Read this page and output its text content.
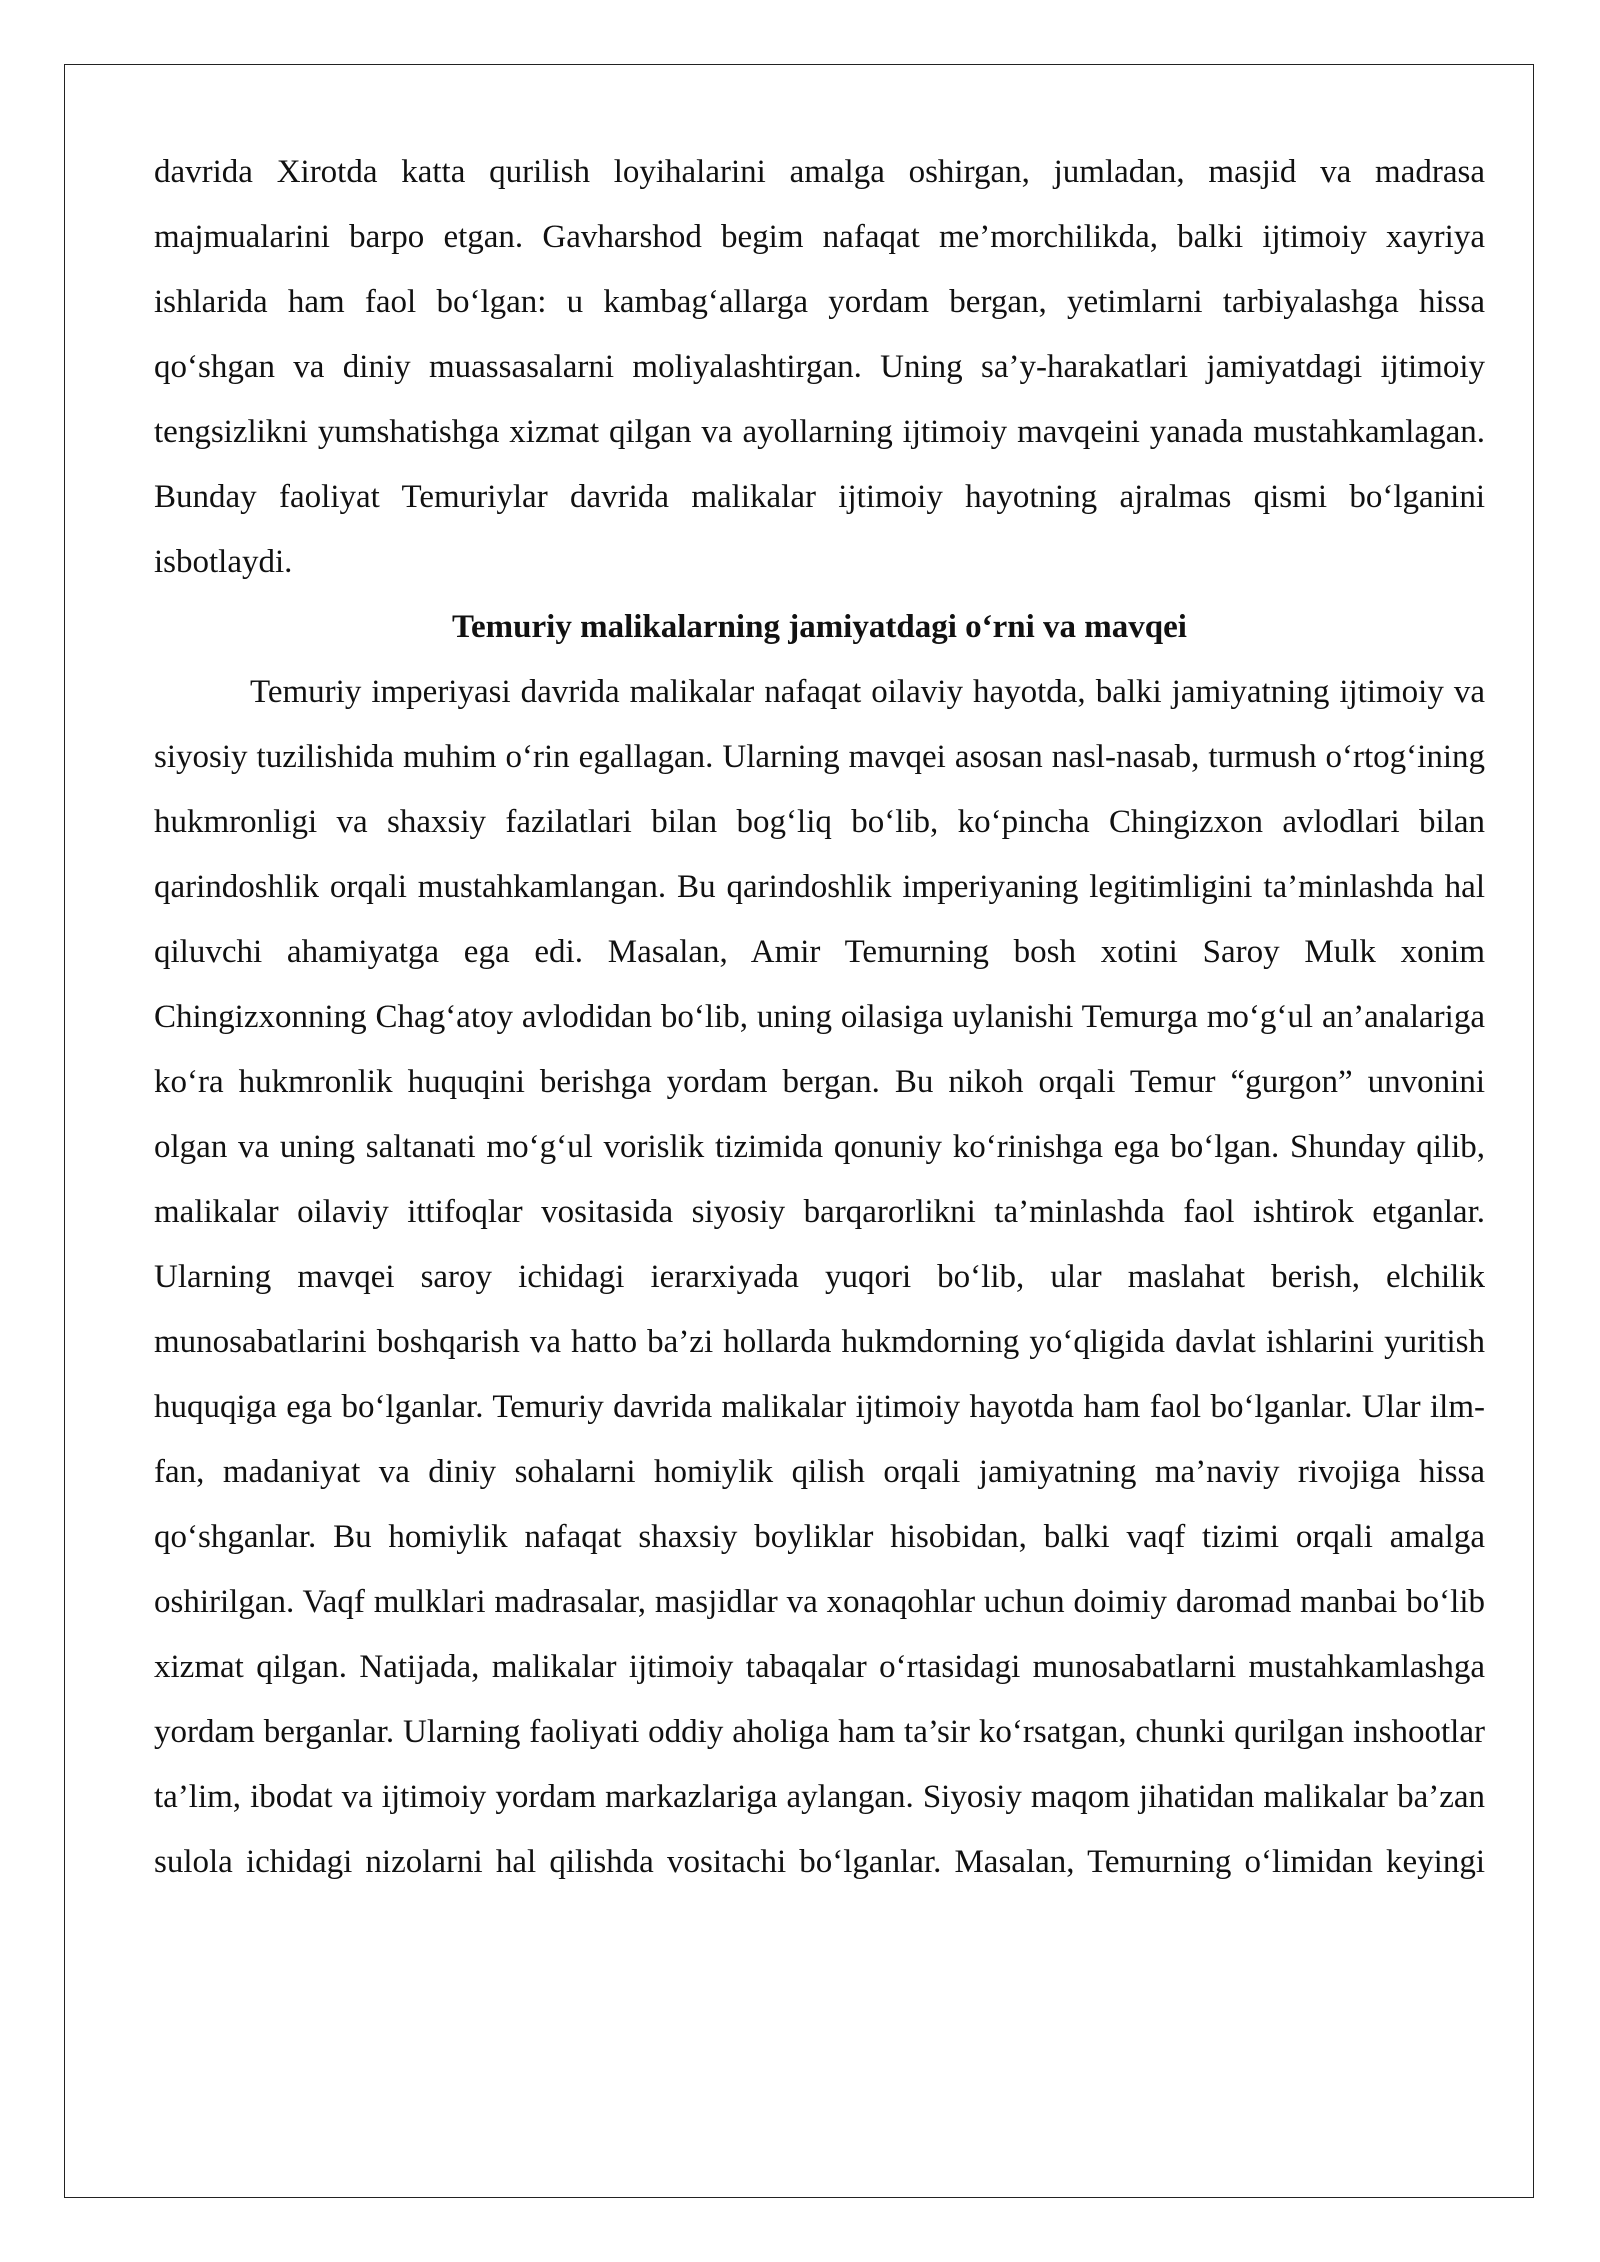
davrida Xirotda katta qurilish loyihalarini amalga oshirgan, jumladan, masjid va madrasa majmualarini barpo etgan. Gavharshod begim nafaqat me’morchilikda, balki ijtimoiy xayriya ishlarida ham faol bo‘lgan: u kambag‘allarga yordam bergan, yetimlarni tarbiyalashga hissa qo‘shgan va diniy muassasalarni moliyalashtirgan. Uning sa’y-harakatlari jamiyatdagi ijtimoiy tengsizlikni yumshatishga xizmat qilgan va ayollarning ijtimoiy mavqeini yanada mustahkamlagan. Bunday faoliyat Temuriylar davrida malikalar ijtimoiy hayotning ajralmas qismi bo‘lganini isbotlaydi.

Temuriy malikalarning jamiyatdagi o‘rni va mavqei

Temuriy imperiyasi davrida malikalar nafaqat oilaviy hayotda, balki jamiyatning ijtimoiy va siyosiy tuzilishida muhim o‘rin egallagan. Ularning mavqei asosan nasl-nasab, turmush o‘rtog‘ining hukmronligi va shaxsiy fazilatlari bilan bog‘liq bo‘lib, ko‘pincha Chingizxon avlodlari bilan qarindoshlik orqali mustahkamlangan. Bu qarindoshlik imperiyaning legitimligini ta’minlashda hal qiluvchi ahamiyatga ega edi. Masalan, Amir Temurning bosh xotini Saroy Mulk xonim Chingizxonning Chag‘atoy avlodidan bo‘lib, uning oilasiga uylanishi Temurga mo‘g‘ul an’analariga ko‘ra hukmronlik huquqini berishga yordam bergan. Bu nikoh orqali Temur “gurgon” unvonini olgan va uning saltanati mo‘g‘ul vorislik tizimida qonuniy ko‘rinishga ega bo‘lgan. Shunday qilib, malikalar oilaviy ittifoqlar vositasida siyosiy barqarorlikni ta’minlashda faol ishtirok etganlar. Ularning mavqei saroy ichidagi ierarxiyada yuqori bo‘lib, ular maslahat berish, elchilik munosabatlarini boshqarish va hatto ba’zi hollarda hukmdorning yo‘qligida davlat ishlarini yuritish huquqiga ega bo‘lganlar. Temuriy davrida malikalar ijtimoiy hayotda ham faol bo‘lganlar. Ular ilm-fan, madaniyat va diniy sohalarni homiylik qilish orqali jamiyatning ma’naviy rivojiga hissa qo‘shganlar. Bu homiylik nafaqat shaxsiy boyliklar hisobidan, balki vaqf tizimi orqali amalga oshirilgan. Vaqf mulklari madrasalar, masjidlar va xonaqohlar uchun doimiy daromad manbai bo‘lib xizmat qilgan. Natijada, malikalar ijtimoiy tabaqalar o‘rtasidagi munosabatlarni mustahkamlashga yordam berganlar. Ularning faoliyati oddiy aholiga ham ta’sir ko‘rsatgan, chunki qurilgan inshootlar ta’lim, ibodat va ijtimoiy yordam markazlariga aylangan. Siyosiy maqom jihatidan malikalar ba’zan sulola ichidagi nizolarni hal qilishda vositachi bo‘lganlar. Masalan, Temurning o‘limidan keyingi
